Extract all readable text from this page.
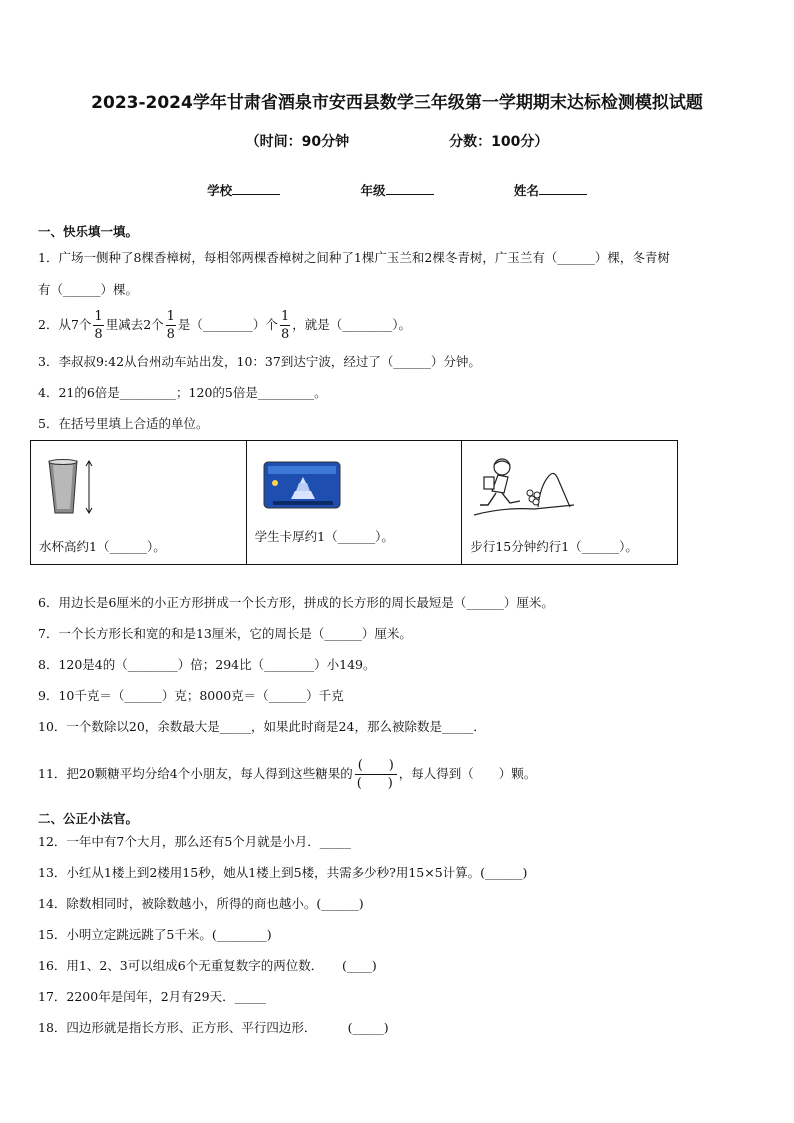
2023-2024学年甘肃省酒泉市安西县数学三年级第一学期期末达标检测模拟试题
（时间：90分钟	分数：100分）
学校	年级	姓名
一、快乐填一填。
1．广场一侧种了8棵香樟树，每相邻两棵香樟树之间种了1棵广玉兰和2棵冬青树，广玉兰有（______）棵，冬青树
有（______）棵。
2．从7个 $\frac{1}{8}$ 里减去2个 $\frac{1}{8}$ 是（________）个 $\frac{1}{8}$ ，就是（________）。
3．李叔叔9:42从台州动车站出发，10：37到达宁波，经过了（______）分钟。
4．21的6倍是_________；120的5倍是_________。
5．在括号里填上合适的单位。
水杯高约1（______）。

学生卡厚约1（______）。

步行15分钟约行1（______）。
6．用边长是6厘米的小正方形拼成一个长方形，拼成的长方形的周长最短是（______）厘米。
7．一个长方形长和宽的和是13厘米，它的周长是（______）厘米。
8．120是4的（________）倍；294比（________）小149。
9．10千克＝（______）克；8000克＝（______）千克
10．一个数除以20，余数最大是_____，如果此时商是24，那么被除数是_____．
11．把20颗糖平均分给4个小朋友，每人得到这些糖果的 $\frac{( )}{( )}$ ，每人得到（　　）颗。
二、公正小法官。
12．一年中有7个大月，那么还有5个月就是小月．_____
13．小红从1楼上到2楼用15秒，她从1楼上到5楼，共需多少秒?用15×5计算。(______)
14．除数相同时，被除数越小，所得的商也越小。(______)
15．小明立定跳远跳了5千米。(________)
16．用1、2、3可以组成6个无重复数字的两位数．　　(____)
17．2200年是闰年，2月有29天．_____
18．四边形就是指长方形、正方形、平行四边形．　　　(_____)
